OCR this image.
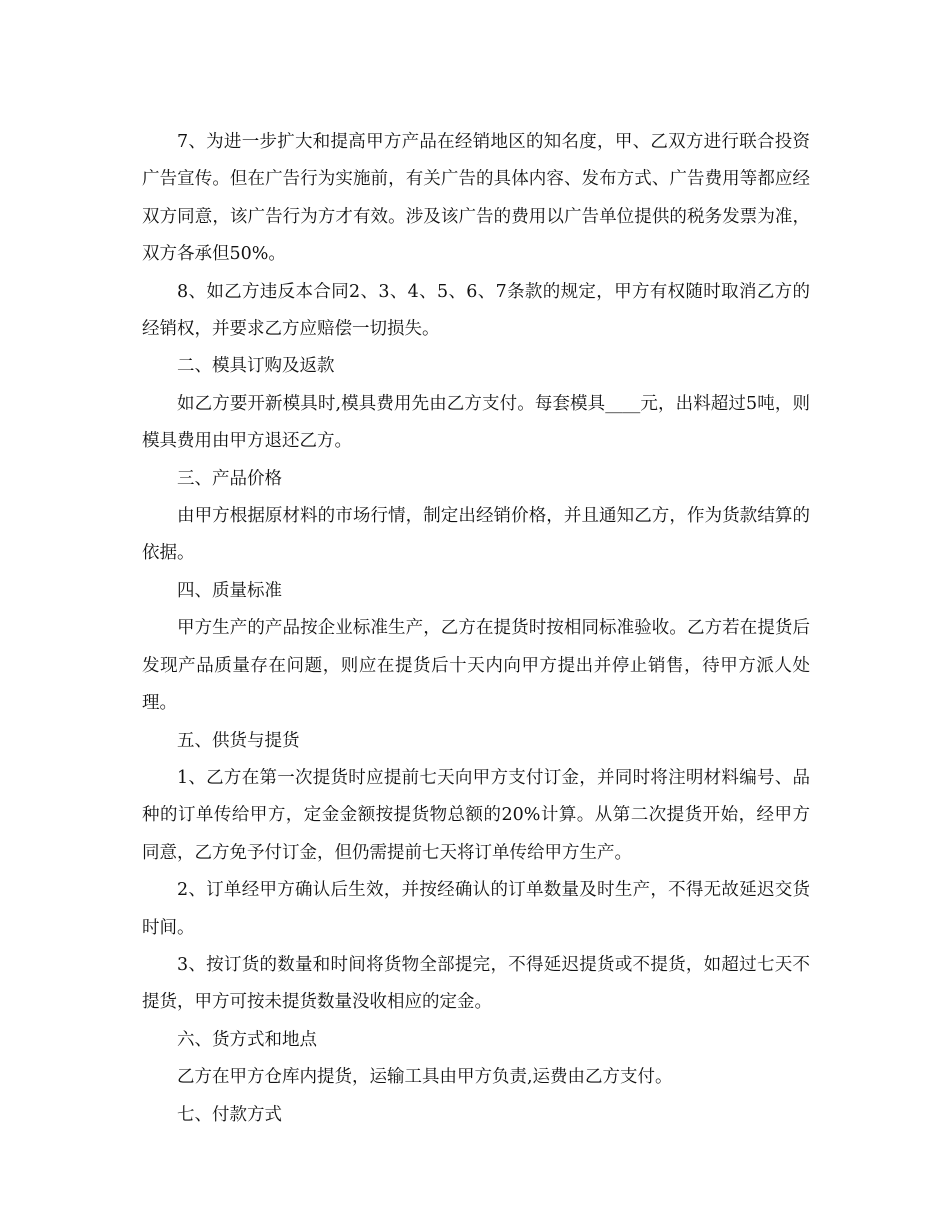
7、为进一步扩大和提高甲方产品在经销地区的知名度，甲、乙双方进行联合投资广告宣传。但在广告行为实施前，有关广告的具体内容、发布方式、广告费用等都应经双方同意，该广告行为方才有效。涉及该广告的费用以广告单位提供的税务发票为准，双方各承但50%。

8、如乙方违反本合同2、3、4、5、6、7条款的规定，甲方有权随时取消乙方的经销权，并要求乙方应赔偿一切损失。

二、模具订购及返款

如乙方要开新模具时,模具费用先由乙方支付。每套模具____元，出料超过5吨，则模具费用由甲方退还乙方。

三、产品价格

由甲方根据原材料的市场行情，制定出经销价格，并且通知乙方，作为货款结算的依据。

四、质量标准

甲方生产的产品按企业标准生产，乙方在提货时按相同标准验收。乙方若在提货后发现产品质量存在问题，则应在提货后十天内向甲方提出并停止销售，待甲方派人处理。

五、供货与提货

1、乙方在第一次提货时应提前七天向甲方支付订金，并同时将注明材料编号、品种的订单传给甲方，定金金额按提货物总额的20%计算。从第二次提货开始，经甲方同意，乙方免予付订金，但仍需提前七天将订单传给甲方生产。

2、订单经甲方确认后生效，并按经确认的订单数量及时生产，不得无故延迟交货时间。

3、按订货的数量和时间将货物全部提完，不得延迟提货或不提货，如超过七天不提货，甲方可按未提货数量没收相应的定金。

六、货方式和地点

乙方在甲方仓库内提货，运输工具由甲方负责,运费由乙方支付。

七、付款方式
